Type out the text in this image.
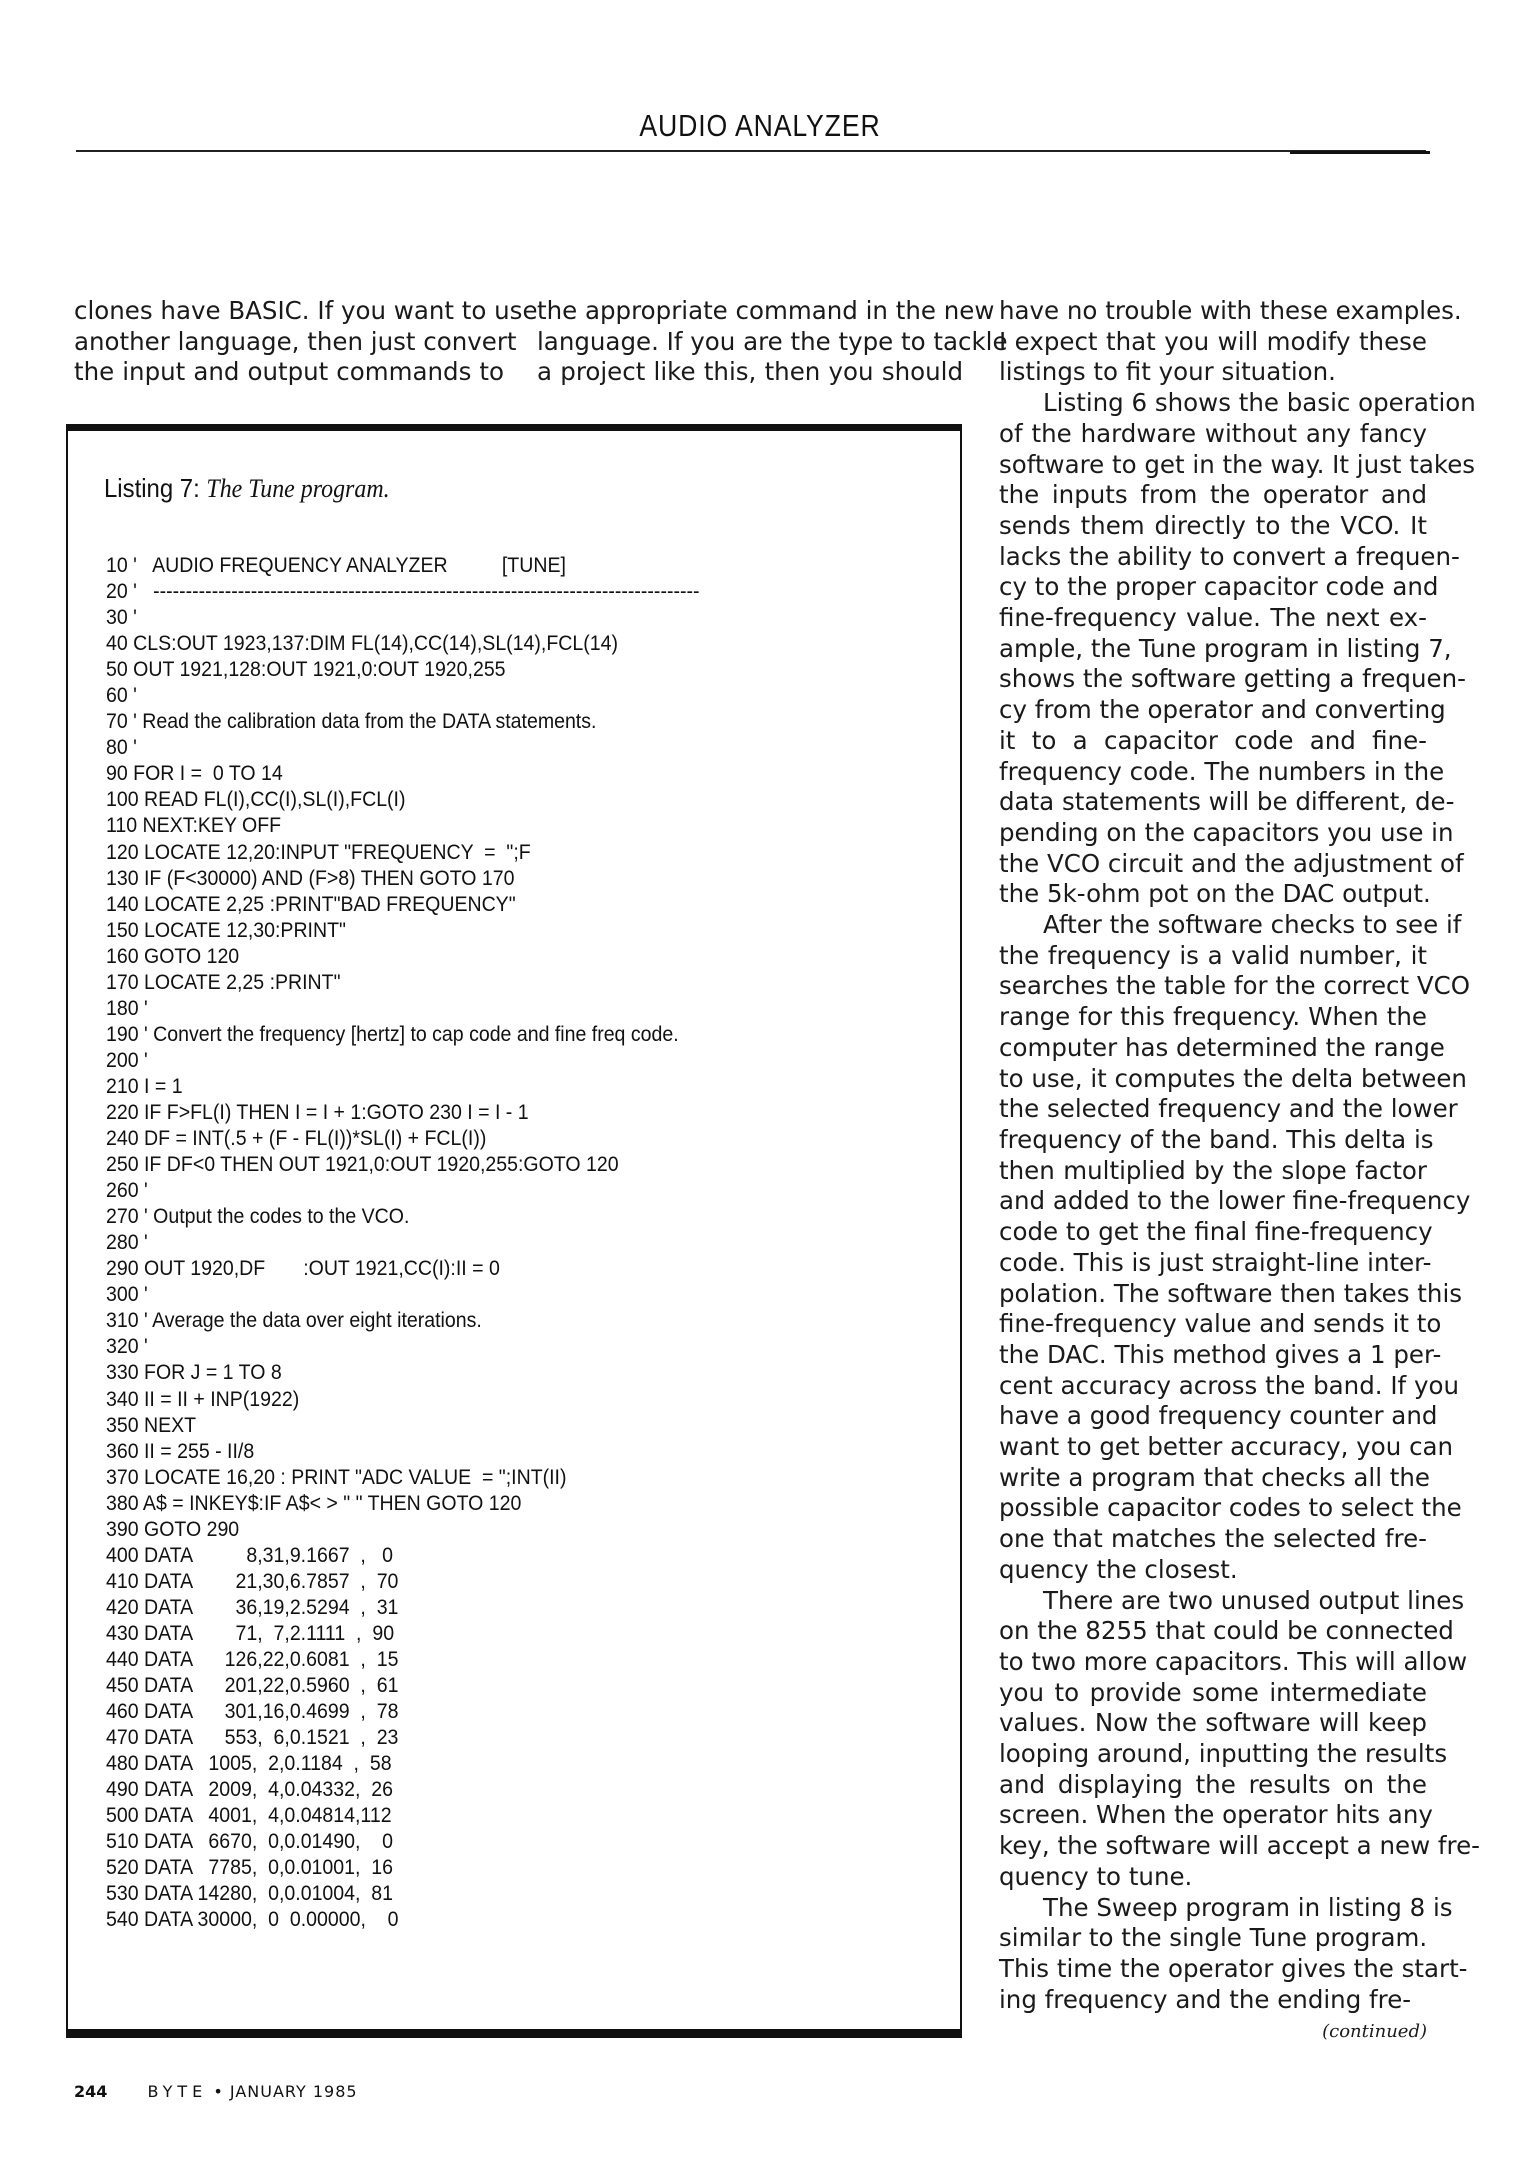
AUDIO ANALYZER

clones have BASIC. If you want to use
another language, then just convert
the input and output commands to

the appropriate command in the new
language. If you are the type to tackle
a project like this, then you should

Listing 7: The Tune program.
10 '   AUDIO FREQUENCY ANALYZER          [TUNE]
20 '   ------------------------------------------------------------------------------------
30 '
40 CLS:OUT 1923,137:DIM FL(14),CC(14),SL(14),FCL(14)
50 OUT 1921,128:OUT 1921,0:OUT 1920,255
60 '
70 ' Read the calibration data from the DATA statements.
80 '
90 FOR I =  0 TO 14
100 READ FL(I),CC(I),SL(I),FCL(I)
110 NEXT:KEY OFF
120 LOCATE 12,20:INPUT "FREQUENCY  =  ";F
130 IF (F<30000) AND (F>8) THEN GOTO 170
140 LOCATE 2,25 :PRINT"BAD FREQUENCY"
150 LOCATE 12,30:PRINT"
160 GOTO 120
170 LOCATE 2,25 :PRINT"
180 '
190 ' Convert the frequency [hertz] to cap code and fine freq code.
200 '
210 I = 1
220 IF F>FL(I) THEN I = I + 1:GOTO 230 I = I - 1
240 DF = INT(.5 + (F - FL(I))*SL(I) + FCL(I))
250 IF DF<0 THEN OUT 1921,0:OUT 1920,255:GOTO 120
260 '
270 ' Output the codes to the VCO.
280 '
290 OUT 1920,DF       :OUT 1921,CC(I):II = 0
300 '
310 ' Average the data over eight iterations.
320 '
330 FOR J = 1 TO 8
340 II = II + INP(1922)
350 NEXT
360 II = 255 - II/8
370 LOCATE 16,20 : PRINT "ADC VALUE  = ";INT(II)
380 A$ = INKEY$:IF A$< > " " THEN GOTO 120
390 GOTO 290
400 DATA          8,31,9.1667  ,   0
410 DATA        21,30,6.7857  ,  70
420 DATA        36,19,2.5294  ,  31
430 DATA        71,  7,2.1111  ,  90
440 DATA      126,22,0.6081  ,  15
450 DATA      201,22,0.5960  ,  61
460 DATA      301,16,0.4699  ,  78
470 DATA      553,  6,0.1521  ,  23
480 DATA   1005,  2,0.1184  ,  58
490 DATA   2009,  4,0.04332,  26
500 DATA   4001,  4,0.04814,112
510 DATA   6670,  0,0.01490,    0
520 DATA   7785,  0,0.01001,  16
530 DATA 14280,  0,0.01004,  81
540 DATA 30000,  0  0.00000,    0

have no trouble with these examples.
I expect that you will modify these
listings to fit your situation.

Listing 6 shows the basic operation
of the hardware without any fancy
software to get in the way. It just takes
the inputs from the operator and
sends them directly to the VCO. It
lacks the ability to convert a frequen-
cy to the proper capacitor code and
fine-frequency value. The next ex-
ample, the Tune program in listing 7,
shows the software getting a frequen-
cy from the operator and converting
it to a capacitor code and fine-
frequency code. The numbers in the
data statements will be different, de-
pending on the capacitors you use in
the VCO circuit and the adjustment of
the 5k-ohm pot on the DAC output.

After the software checks to see if
the frequency is a valid number, it
searches the table for the correct VCO
range for this frequency. When the
computer has determined the range
to use, it computes the delta between
the selected frequency and the lower
frequency of the band. This delta is
then multiplied by the slope factor
and added to the lower fine-frequency
code to get the final fine-frequency
code. This is just straight-line inter-
polation. The software then takes this
fine-frequency value and sends it to
the DAC. This method gives a 1 per-
cent accuracy across the band. If you
have a good frequency counter and
want to get better accuracy, you can
write a program that checks all the
possible capacitor codes to select the
one that matches the selected fre-
quency the closest.

There are two unused output lines
on the 8255 that could be connected
to two more capacitors. This will allow
you to provide some intermediate
values. Now the software will keep
looping around, inputting the results
and displaying the results on the
screen. When the operator hits any
key, the software will accept a new fre-
quency to tune.

The Sweep program in listing 8 is
similar to the single Tune program.
This time the operator gives the start-
ing frequency and the ending fre-

(continued)
244	BYTE • JANUARY 1985
